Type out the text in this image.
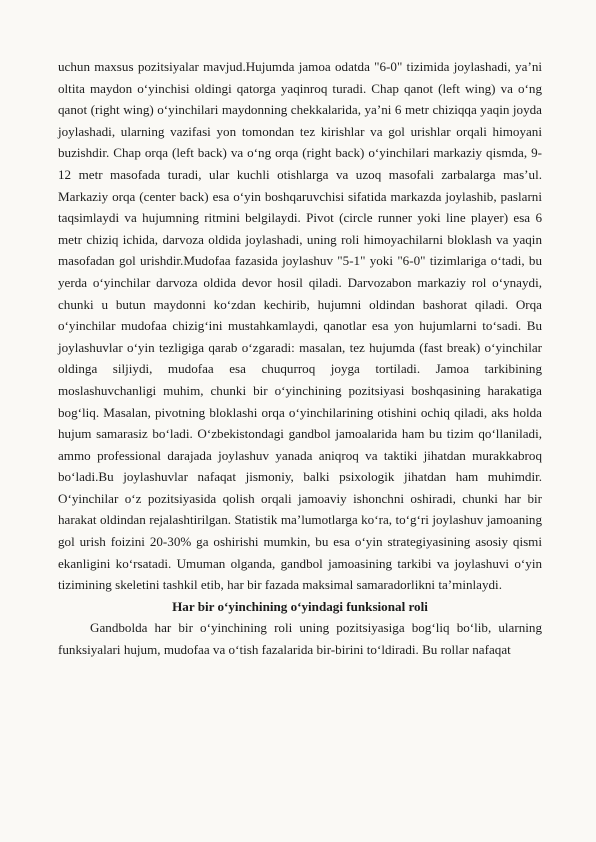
uchun maxsus pozitsiyalar mavjud.Hujumda jamoa odatda "6-0" tizimida joylashadi, ya’ni oltita maydon o‘yinchisi oldingi qatorga yaqinroq turadi. Chap qanot (left wing) va o‘ng qanot (right wing) o‘yinchilari maydonning chekkalarida, ya’ni 6 metr chiziqqa yaqin joyda joylashadi, ularning vazifasi yon tomondan tez kirishlar va gol urishlar orqali himoyani buzishdir. Chap orqa (left back) va o‘ng orqa (right back) o‘yinchilari markaziy qismda, 9-12 metr masofada turadi, ular kuchli otishlarga va uzoq masofali zarbalarga mas’ul. Markaziy orqa (center back) esa o‘yin boshqaruvchisi sifatida markazda joylashib, paslarni taqsimlaydi va hujumning ritmini belgilaydi. Pivot (circle runner yoki line player) esa 6 metr chiziq ichida, darvoza oldida joylashadi, uning roli himoyachilarni bloklash va yaqin masofadan gol urishdir.Mudofaa fazasida joylashuv "5-1" yoki "6-0" tizimlariga o‘tadi, bu yerda o‘yinchilar darvoza oldida devor hosil qiladi. Darvozabon markaziy rol o‘ynaydi, chunki u butun maydonni ko‘zdan kechirib, hujumni oldindan bashorat qiladi. Orqa o‘yinchilar mudofaa chizig‘ini mustahkamlaydi, qanotlar esa yon hujumlarni to‘sadi. Bu joylashuvlar o‘yin tezligiga qarab o‘zgaradi: masalan, tez hujumda (fast break) o‘yinchilar oldinga siljiydi, mudofaa esa chuqurroq joyga tortiladi. Jamoa tarkibining moslashuvchanligi muhim, chunki bir o‘yinchining pozitsiyasi boshqasining harakatiga bog‘liq. Masalan, pivotning bloklashi orqa o‘yinchilarining otishini ochiq qiladi, aks holda hujum samarasiz bo‘ladi. O‘zbekistondagi gandbol jamoalarida ham bu tizim qo‘llaniladi, ammo professional darajada joylashuv yanada aniqroq va taktiki jihatdan murakkabroq bo‘ladi.Bu joylashuvlar nafaqat jismoniy, balki psixologik jihatdan ham muhimdir. O‘yinchilar o‘z pozitsiyasida qolish orqali jamoaviy ishonchni oshiradi, chunki har bir harakat oldindan rejalashtirilgan. Statistik ma’lumotlarga ko‘ra, to‘g‘ri joylashuv jamoaning gol urish foizini 20-30% ga oshirishi mumkin, bu esa o‘yin strategiyasining asosiy qismi ekanligini ko‘rsatadi. Umuman olganda, gandbol jamoasining tarkibi va joylashuvi o‘yin tizimining skeletini tashkil etib, har bir fazada maksimal samaradorlikni ta’minlaydi.

Har bir o‘yinchining o‘yindagi funksional roli

Gandbolda har bir o‘yinchining roli uning pozitsiyasiga bog‘liq bo‘lib, ularning funksiyalari hujum, mudofaa va o‘tish fazalarida bir-birini to‘ldiradi. Bu rollar nafaqat
